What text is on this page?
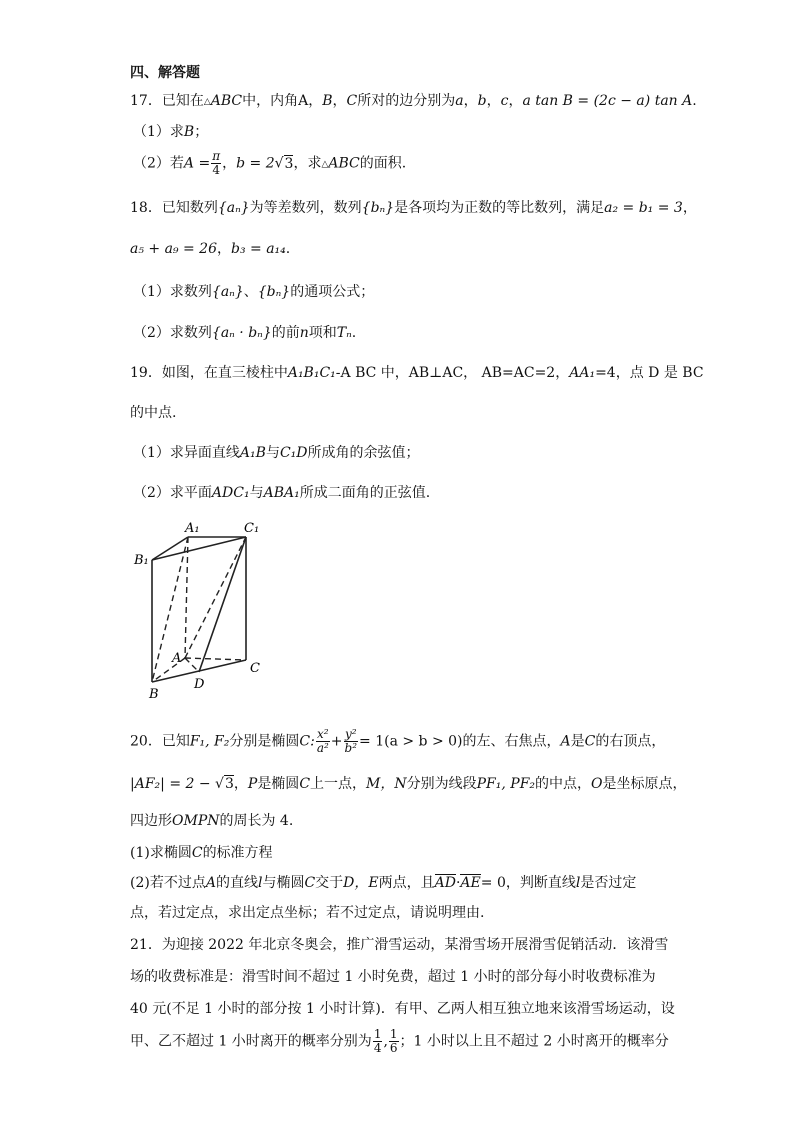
四、解答题
17．已知在△ABC中，内角A，B，C所对的边分别为a，b，c，a tan B = (2c − a) tan A.
（1）求B；
（2）若$A = \frac{\pi}{4}$ ，b = 2√3，求△ABC的面积.
18．已知数列{aₙ}为等差数列，数列{bₙ}是各项均为正数的等比数列，满足a₂ = b₁ = 3，
a₅ + a₉ = 26，b₃ = a₁₄.
（1）求数列{aₙ}、{bₙ}的通项公式；
（2）求数列{aₙ · bₙ}的前n项和Tₙ.
19．如图，在直三棱柱中A₁B₁C₁-A BC 中，AB⊥AC， AB=AC=2，AA₁=4，点 D 是 BC
的中点.
（1）求异面直线A₁B与C₁D所成角的余弦值；
（2）求平面ADC₁与ABA₁所成二面角的正弦值.
A₁	C₁
B₁
A
B
C
D
20．已知F₁, F₂分别是椭圆C: $\frac{\text{x²}}{\text{a²}} + \frac{\text{y²}}{\text{b²}} = 1(a > b > 0)$的左、右焦点，A是C的右顶点，
|AF₂| = 2 − √3，P是椭圆C上一点，M，N分别为线段PF₁, PF₂的中点，O是坐标原点，
四边形OMPN的周长为 4.
(1)求椭圆C的标准方程
(2)若不过点A的直线l与椭圆C交于D，E两点，且AD·AE= 0，判断直线l是否过定
点，若过定点，求出定点坐标；若不过定点，请说明理由.
21．为迎接 2022 年北京冬奥会，推广滑雪运动，某滑雪场开展滑雪促销活动．该滑雪
场的收费标准是：滑雪时间不超过 1 小时免费，超过 1 小时的部分每小时收费标准为
40 元(不足 1 小时的部分按 1 小时计算)．有甲、乙两人相互独立地来该滑雪场运动，设
甲、乙不超过 1 小时离开的概率分别为 $\frac{1}{4}$ , $\frac{1}{6}$ ；1 小时以上且不超过 2 小时离开的概率分
